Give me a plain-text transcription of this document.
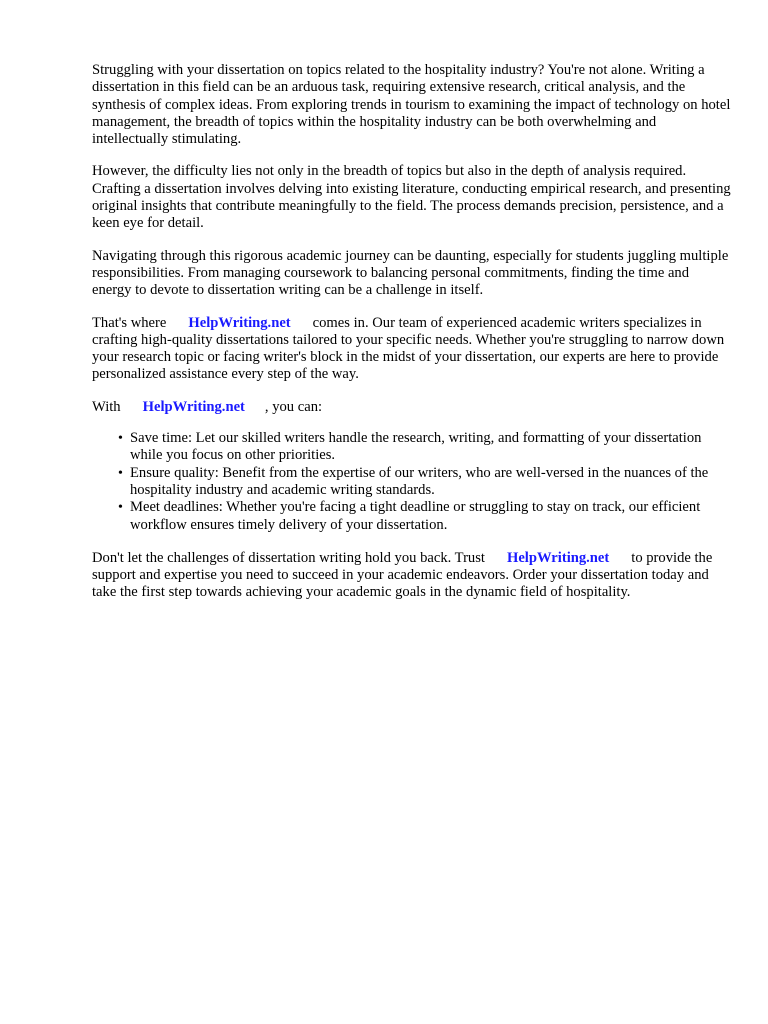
Struggling with your dissertation on topics related to the hospitality industry? You're not alone. Writing a dissertation in this field can be an arduous task, requiring extensive research, critical analysis, and the synthesis of complex ideas. From exploring trends in tourism to examining the impact of technology on hotel management, the breadth of topics within the hospitality industry can be both overwhelming and intellectually stimulating.

However, the difficulty lies not only in the breadth of topics but also in the depth of analysis required. Crafting a dissertation involves delving into existing literature, conducting empirical research, and presenting original insights that contribute meaningfully to the field. The process demands precision, persistence, and a keen eye for detail.

Navigating through this rigorous academic journey can be daunting, especially for students juggling multiple responsibilities. From managing coursework to balancing personal commitments, finding the time and energy to devote to dissertation writing can be a challenge in itself.

That's where HelpWriting.net comes in. Our team of experienced academic writers specializes in crafting high-quality dissertations tailored to your specific needs. Whether you're struggling to narrow down your research topic or facing writer's block in the midst of your dissertation, our experts are here to provide personalized assistance every step of the way.

With HelpWriting.net , you can:

• Save time: Let our skilled writers handle the research, writing, and formatting of your dissertation while you focus on other priorities.
• Ensure quality: Benefit from the expertise of our writers, who are well-versed in the nuances of the hospitality industry and academic writing standards.
• Meet deadlines: Whether you're facing a tight deadline or struggling to stay on track, our efficient workflow ensures timely delivery of your dissertation.

Don't let the challenges of dissertation writing hold you back. Trust HelpWriting.net to provide the support and expertise you need to succeed in your academic endeavors. Order your dissertation today and take the first step towards achieving your academic goals in the dynamic field of hospitality.
